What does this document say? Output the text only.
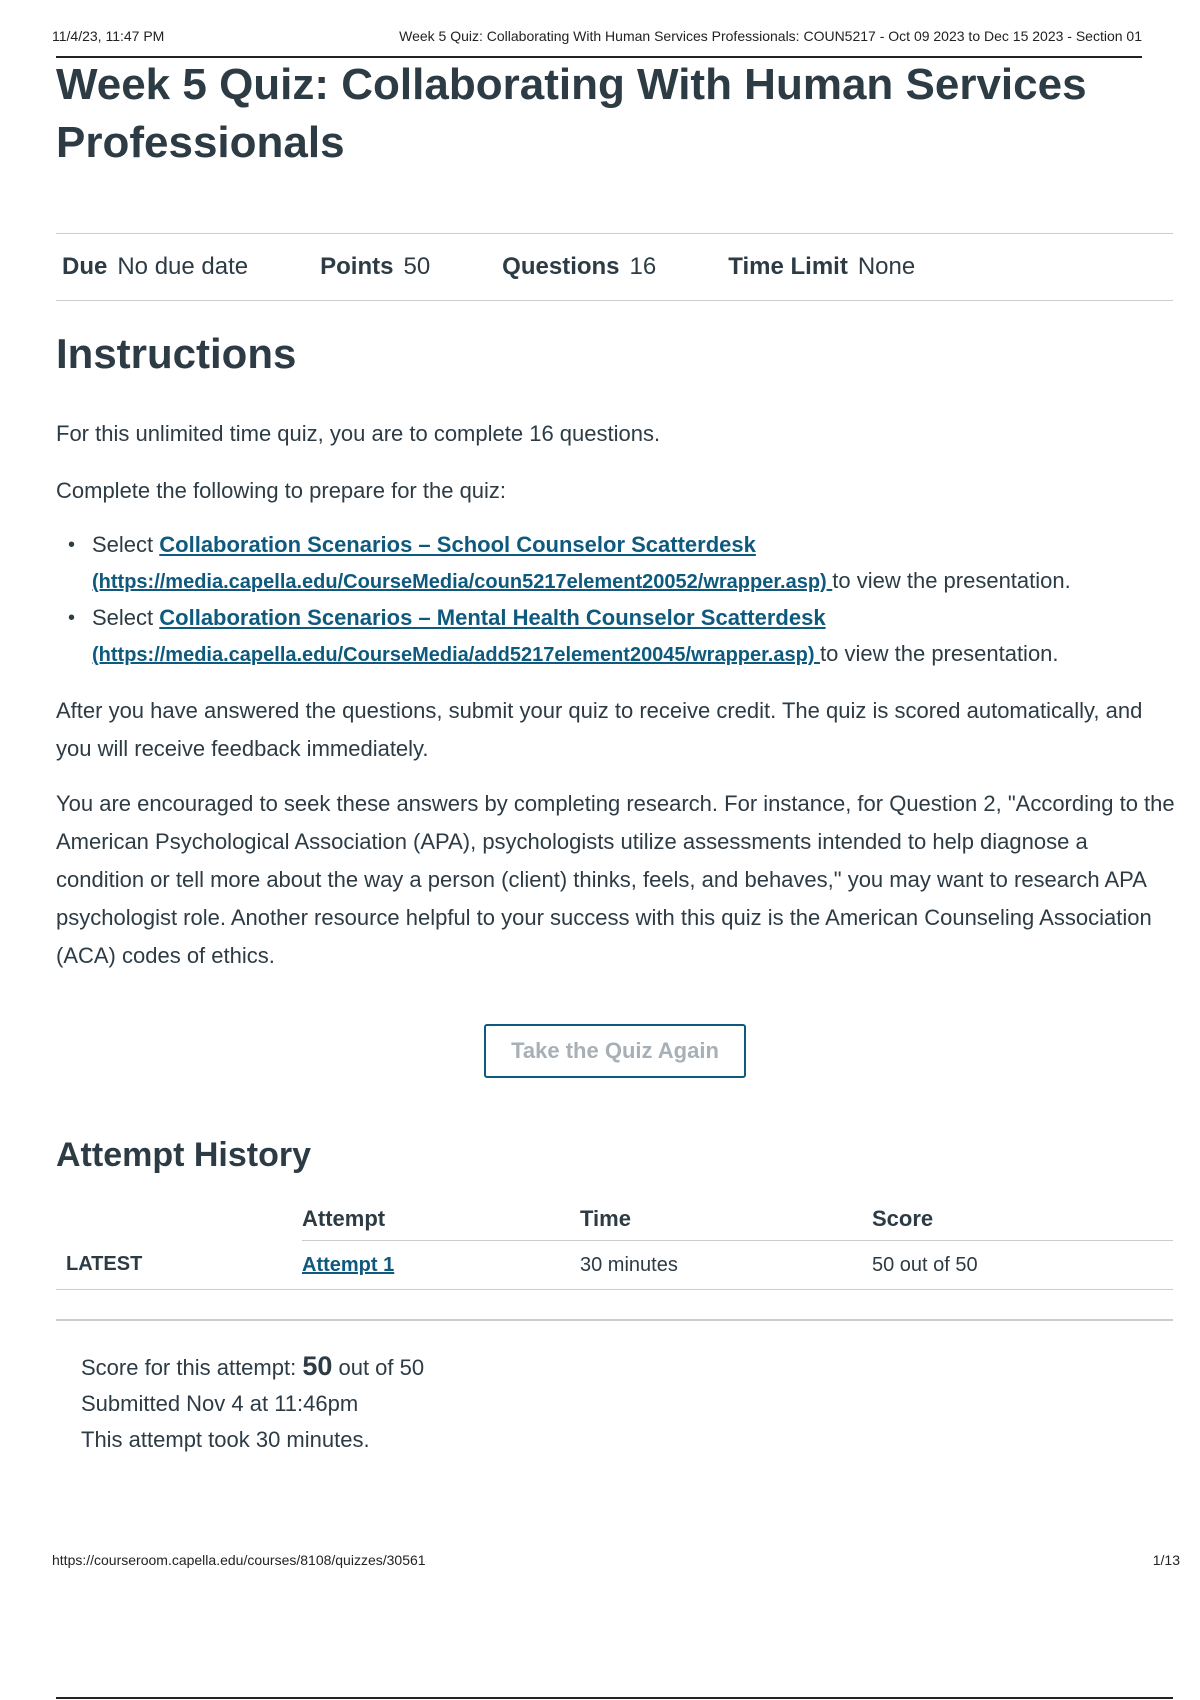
11/4/23, 11:47 PM	Week 5 Quiz: Collaborating With Human Services Professionals: COUN5217 - Oct 09 2023 to Dec 15 2023 - Section 01
Week 5 Quiz: Collaborating With Human Services Professionals
Due No due date	Points 50	Questions 16	Time Limit None
Instructions

For this unlimited time quiz, you are to complete 16 questions.

Complete the following to prepare for the quiz:

• Select Collaboration Scenarios – School Counselor Scatterdesk
(https://media.capella.edu/CourseMedia/coun5217element20052/wrapper.asp) to view the presentation.
• Select Collaboration Scenarios – Mental Health Counselor Scatterdesk
(https://media.capella.edu/CourseMedia/add5217element20045/wrapper.asp) to view the presentation.

After you have answered the questions, submit your quiz to receive credit. The quiz is scored automatically, and you will receive feedback immediately.

You are encouraged to seek these answers by completing research. For instance, for Question 2, "According to the American Psychological Association (APA), psychologists utilize assessments intended to help diagnose a condition or tell more about the way a person (client) thinks, feels, and behaves," you may want to research APA psychologist role. Another resource helpful to your success with this quiz is the American Counseling Association (ACA) codes of ethics.

Take the Quiz Again
Attempt History
	Attempt	Time	Score
LATEST	Attempt 1	30 minutes	50 out of 50
Score for this attempt: 50 out of 50
Submitted Nov 4 at 11:46pm
This attempt took 30 minutes.
https://courseroom.capella.edu/courses/8108/quizzes/30561	1/13
